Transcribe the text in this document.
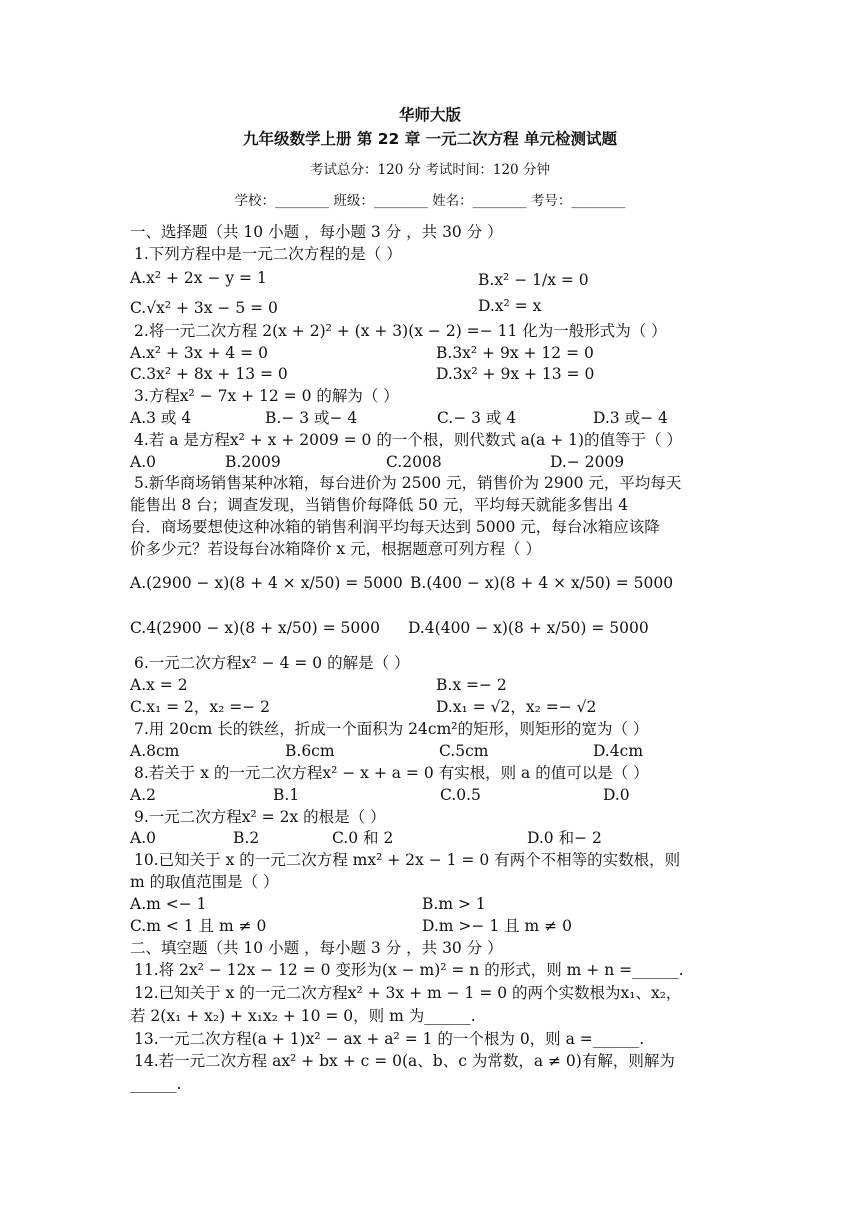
华师大版
九年级数学上册 第 22 章 一元二次方程 单元检测试题
考试总分：120 分 考试时间：120 分钟
学校：________ 班级：________ 姓名：________ 考号：________
一、选择题（共 10 小题 ，每小题 3 分 ，共 30 分 ）
1.下列方程中是一元二次方程的是（ ）
A.x² + 2x − y = 1	B.x² − 1/x = 0
C.√x² + 3x − 5 = 0	D.x² = x
2.将一元二次方程 2(x + 2)² + (x + 3)(x − 2) =− 11 化为一般形式为（ ）
A.x² + 3x + 4 = 0	B.3x² + 9x + 12 = 0
C.3x² + 8x + 13 = 0	D.3x² + 9x + 13 = 0
3.方程x² − 7x + 12 = 0 的解为（ ）
A.3 或 4	B.− 3 或− 4	C.− 3 或 4	D.3 或− 4
4.若 a 是方程x² + x + 2009 = 0 的一个根，则代数式 a(a + 1)的值等于（ ）
A.0	B.2009	C.2008	D.− 2009
5.新华商场销售某种冰箱，每台进价为 2500 元，销售价为 2900 元，平均每天
能售出 8 台；调查发现，当销售价每降低 50 元，平均每天就能多售出 4
台．商场要想使这种冰箱的销售利润平均每天达到 5000 元，每台冰箱应该降
价多少元？若设每台冰箱降价 x 元，根据题意可列方程（ ）
A.(2900 − x)(8 + 4 × x/50) = 5000 B.(400 − x)(8 + 4 × x/50) = 5000
C.4(2900 − x)(8 + x/50) = 5000 D.4(400 − x)(8 + x/50) = 5000
6.一元二次方程x² − 4 = 0 的解是（ ）
A.x = 2	B.x =− 2
C.x₁ = 2，x₂ =− 2	D.x₁ = √2，x₂ =− √2
7.用 20cm 长的铁丝，折成一个面积为 24cm²的矩形，则矩形的宽为（ ）
A.8cm	B.6cm	C.5cm	D.4cm
8.若关于 x 的一元二次方程x² − x + a = 0 有实根，则 a 的值可以是（ ）
A.2	B.1	C.0.5	D.0
9.一元二次方程x² = 2x 的根是（ ）
A.0	B.2	C.0 和 2	D.0 和− 2
10.已知关于 x 的一元二次方程 mx² + 2x − 1 = 0 有两个不相等的实数根，则
m 的取值范围是（ ）
A.m <− 1	B.m > 1
C.m < 1 且 m ≠ 0	D.m >− 1 且 m ≠ 0
二、填空题（共 10 小题 ，每小题 3 分 ，共 30 分 ）
11.将 2x² − 12x − 12 = 0 变形为(x − m)² = n 的形式，则 m + n =______.
12.已知关于 x 的一元二次方程x² + 3x + m − 1 = 0 的两个实数根为x₁、x₂，
若 2(x₁ + x₂) + x₁x₂ + 10 = 0，则 m 为______.
13.一元二次方程(a + 1)x² − ax + a² = 1 的一个根为 0，则 a =______.
14.若一元二次方程 ax² + bx + c = 0(a、b、c 为常数，a ≠ 0)有解，则解为
______.
